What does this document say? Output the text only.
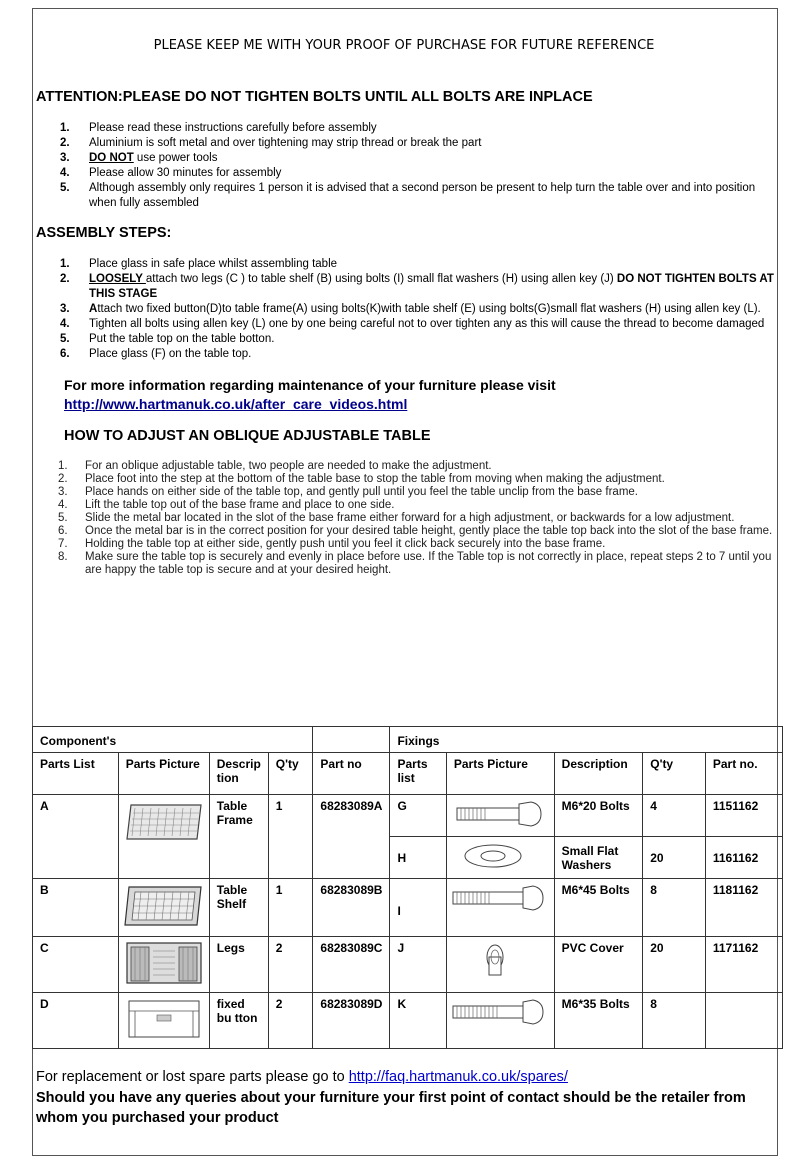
PLEASE KEEP ME WITH YOUR PROOF OF PURCHASE FOR FUTURE REFERENCE
ATTENTION:PLEASE DO NOT TIGHTEN BOLTS UNTIL ALL BOLTS ARE INPLACE
1. Please read these instructions carefully before assembly
2. Aluminium is soft metal and over tightening may strip thread or break the part
3. DO NOT use power tools
4. Please allow 30 minutes for assembly
5. Although assembly only requires 1 person it is advised that a second person be present to help turn the table over and into position when fully assembled
ASSEMBLY STEPS:
1. Place glass in safe place whilst assembling table
2. LOOSELY attach two legs (C ) to table shelf (B) using bolts (I) small flat washers (H) using allen key (J) DO NOT TIGHTEN BOLTS AT THIS STAGE
3. Attach two fixed button(D)to table frame(A) using bolts(K)with table shelf (E) using bolts(G)small flat washers (H) using allen key (L).
4. Tighten all bolts using allen key (L) one by one being careful not to over tighten any as this will cause the thread to become damaged
5. Put the table top on the table botton.
6. Place glass (F) on the table top.
For more information regarding maintenance of your furniture please visit
http://www.hartmanuk.co.uk/after_care_videos.html
HOW TO ADJUST AN OBLIQUE ADJUSTABLE TABLE
1. For an oblique adjustable table, two people are needed to make the adjustment.
2. Place foot into the step at the bottom of the table base to stop the table from moving when making the adjustment.
3. Place hands on either side of the table top, and gently pull until you feel the table unclip from the base frame.
4. Lift the table top out of the base frame and place to one side.
5. Slide the metal bar located in the slot of the base frame either forward for a high adjustment, or backwards for a low adjustment.
6. Once the metal bar is in the correct position for your desired table height, gently place the table top back into the slot of the base frame.
7. Holding the table top at either side, gently push until you feel it click back securely into the base frame.
8. Make sure the table top is securely and evenly in place before use. If the Table top is not correctly in place, repeat steps 2 to 7 until you are happy the table top is secure and at your desired height.
Component's					Fixings				
Parts List	Parts Picture	Descrip tion	Q'ty	Part no	Parts list	Parts Picture	Description	Q'ty	Part no.
A		Table Frame	1	68283089A	G		M6*20 Bolts	4	1151162
					H		Small Flat Washers	20	1161162
B		Table Shelf	1	68283089B	I		M6*45 Bolts	8	1181162
C		Legs	2	68283089C	J		PVC Cover	20	1171162
D		fixed bu tton	2	68283089D	K		M6*35 Bolts	8	
For replacement or lost spare parts please go to http://faq.hartmanuk.co.uk/spares/
Should you have any queries about your furniture your first point of contact should be the retailer from whom you purchased your product
